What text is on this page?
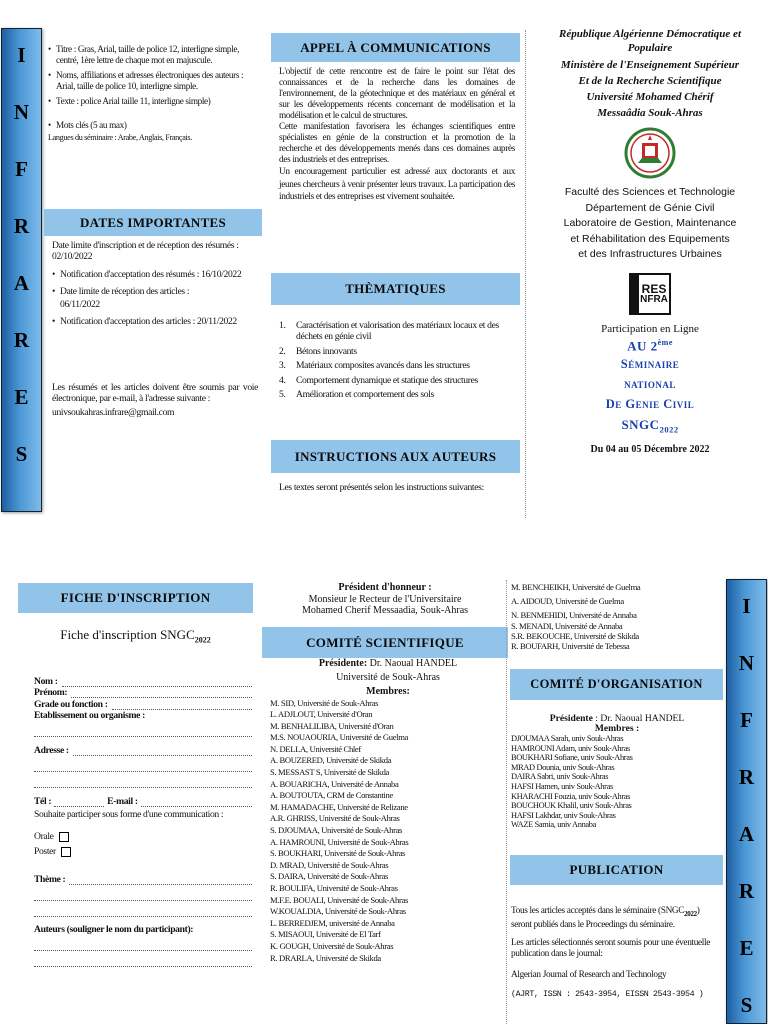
I
N
F
R
A
R
E
S
• Titre : Gras, Arial, taille de police 12, interligne simple, centré, 1ère lettre de chaque mot en majuscule.
• Noms, affiliations et adresses électroniques des auteurs : Arial, taille de police 10, interligne simple.
• Texte : police Arial taille 11, interligne simple)
• Mots clés (5 au max)
Langues du séminaire : Arabe, Anglais, Français.
DATES IMPORTANTES
Date limite d'inscription et de réception des résumés : 02/10/2022
• Notification d'acceptation des résumés : 16/10/2022
• Date limite de réception des articles : 06/11/2022
• Notification d'acceptation des articles : 20/11/2022
Les résumés et les articles doivent être soumis par voie électronique, par e-mail, à l'adresse suivante :
univsoukahras.infrare@gmail.com
APPEL À COMMUNICATIONS
L'objectif de cette rencontre est de faire le point sur l'état des connaissances et de la recherche dans les domaines de l'environnement, de la géotechnique et des matériaux en général et sur les développements récents concernant de modélisation et la modélisation et le calcul de structures.
Cette manifestation favorisera les échanges scientifiques entre spécialistes en génie de la construction et la promotion de la recherche et des développements menés dans ces domaines auprès des industriels et des entreprises.
Un encouragement particulier est adressé aux doctorants et aux jeunes chercheurs à venir présenter leurs travaux. La participation des industriels et des entreprises est vivement souhaitée.
THÈMATIQUES
1. Caractérisation et valorisation des matériaux locaux et des déchets en génie civil
2. Bétons innovants
3. Matériaux composites avancés dans les structures
4. Comportement dynamique et statique des structures
5. Amélioration et comportement des sols
INSTRUCTIONS AUX AUTEURS
Les textes seront présentés selon les instructions suivantes:
République Algérienne Démocratique et Populaire
Ministère de l'Enseignement Supérieur
Et de la Recherche Scientifique
Université Mohamed Chérif
Messaâdia Souk-Ahras
Faculté des Sciences et Technologie
Département de Génie Civil
Laboratoire de Gestion, Maintenance
et Réhabilitation des Equipements
et des Infrastructures Urbaines
RES
NFRA
Participation en Ligne
AU 2ème
Séminaire
national
De Genie Civil
$SNGC_{2022}$
Du 04 au 05 Décembre 2022
FICHE D'INSCRIPTION
Fiche d'inscription $SNGC_{2022}$
Nom :
Prénom:
Grade ou fonction :
Etablissement ou organisme :
Adresse :
Tél :	E-mail :
Souhaite participer sous forme d'une communication :
Orale
Poster
Thème :
Auteurs (souligner le nom du participant):
Président d'honneur :
Monsieur le Recteur de l'Universitaire
Mohamed Cherif Messaadia, Souk-Ahras
COMITÉ SCIENTIFIQUE
Présidente: Dr. Naoual HANDEL
Université de Souk-Ahras
Membres:
M. SID, Université de Souk-Ahras
L. ADJLOUT, Université d'Oran
M. BENHALILIBA, Université d'Oran
M.S. NOUAOURIA, Université de Guelma
N. DELLA, Université Chlef
A. BOUZERED, Université de Skikda
S. MESSAST S, Université de Skikda
A. BOUARICHA, Université de Annaba
A. BOUTOUTA, CRM de Constantine
M. HAMADACHE, Université de Relizane
A.R. GHRISS, Université de Souk-Ahras
S. DJOUMAA, Université de Souk-Ahras
A. HAMROUNI, Université de Souk-Ahras
S. BOUKHARI, Université de Souk-Ahras
D. MRAD, Université de Souk-Ahras
S. DAIRA, Université de Souk-Ahras
R. BOULIFA, Université de Souk-Ahras
M.F.E. BOUALI, Université de Souk-Ahras
W.KOUALDIA, Université de Souk-Ahras
L. BERREDJEM, université de Annaba
S. MISAOUI, Université de El Tarf
K. GOUGH, Université de Souk-Ahras
R. DRARLA, Université de Skikda
M. BENCHEIKH, Université de Guelma
A. AIDOUD, Université de Guelma
N. BENMEHIDI, Université de Annaba
S. MENADI, Université de Annaba
S.R. BEKOUCHE, Université de Skikda
R. BOUFARH, Université de Tebessa
COMITÉ D'ORGANISATION
Présidente : Dr. Naoual HANDEL
Membres :
DJOUMAA Sarah, univ Souk-Ahras
HAMROUNI Adam, univ Souk-Ahras
BOUKHARI Sofiane, univ Souk-Ahras
MRAD Dounia, univ Souk-Ahras
DAIRA Sabri, univ Souk-Ahras
HAFSI Hamen, univ Souk-Ahras
KHARACHI Fouzia, univ Souk-Ahras
BOUCHOUK Khalil, univ Souk-Ahras
HAFSI Lakhdar, univ Souk-Ahras
WAZE Samia, univ Annaba
PUBLICATION
Tous les articles acceptés dans le séminaire $(SNGC_{2022})$ seront publiés dans le Proceedings du séminaire.
Les articles sélectionnés seront soumis pour une éventuelle publication dans le journal:
Algerian Journal of Research and Technology
(AJRT, ISSN : 2543-3954, EISSN 2543-3954 )
I
N
F
R
A
R
E
S
